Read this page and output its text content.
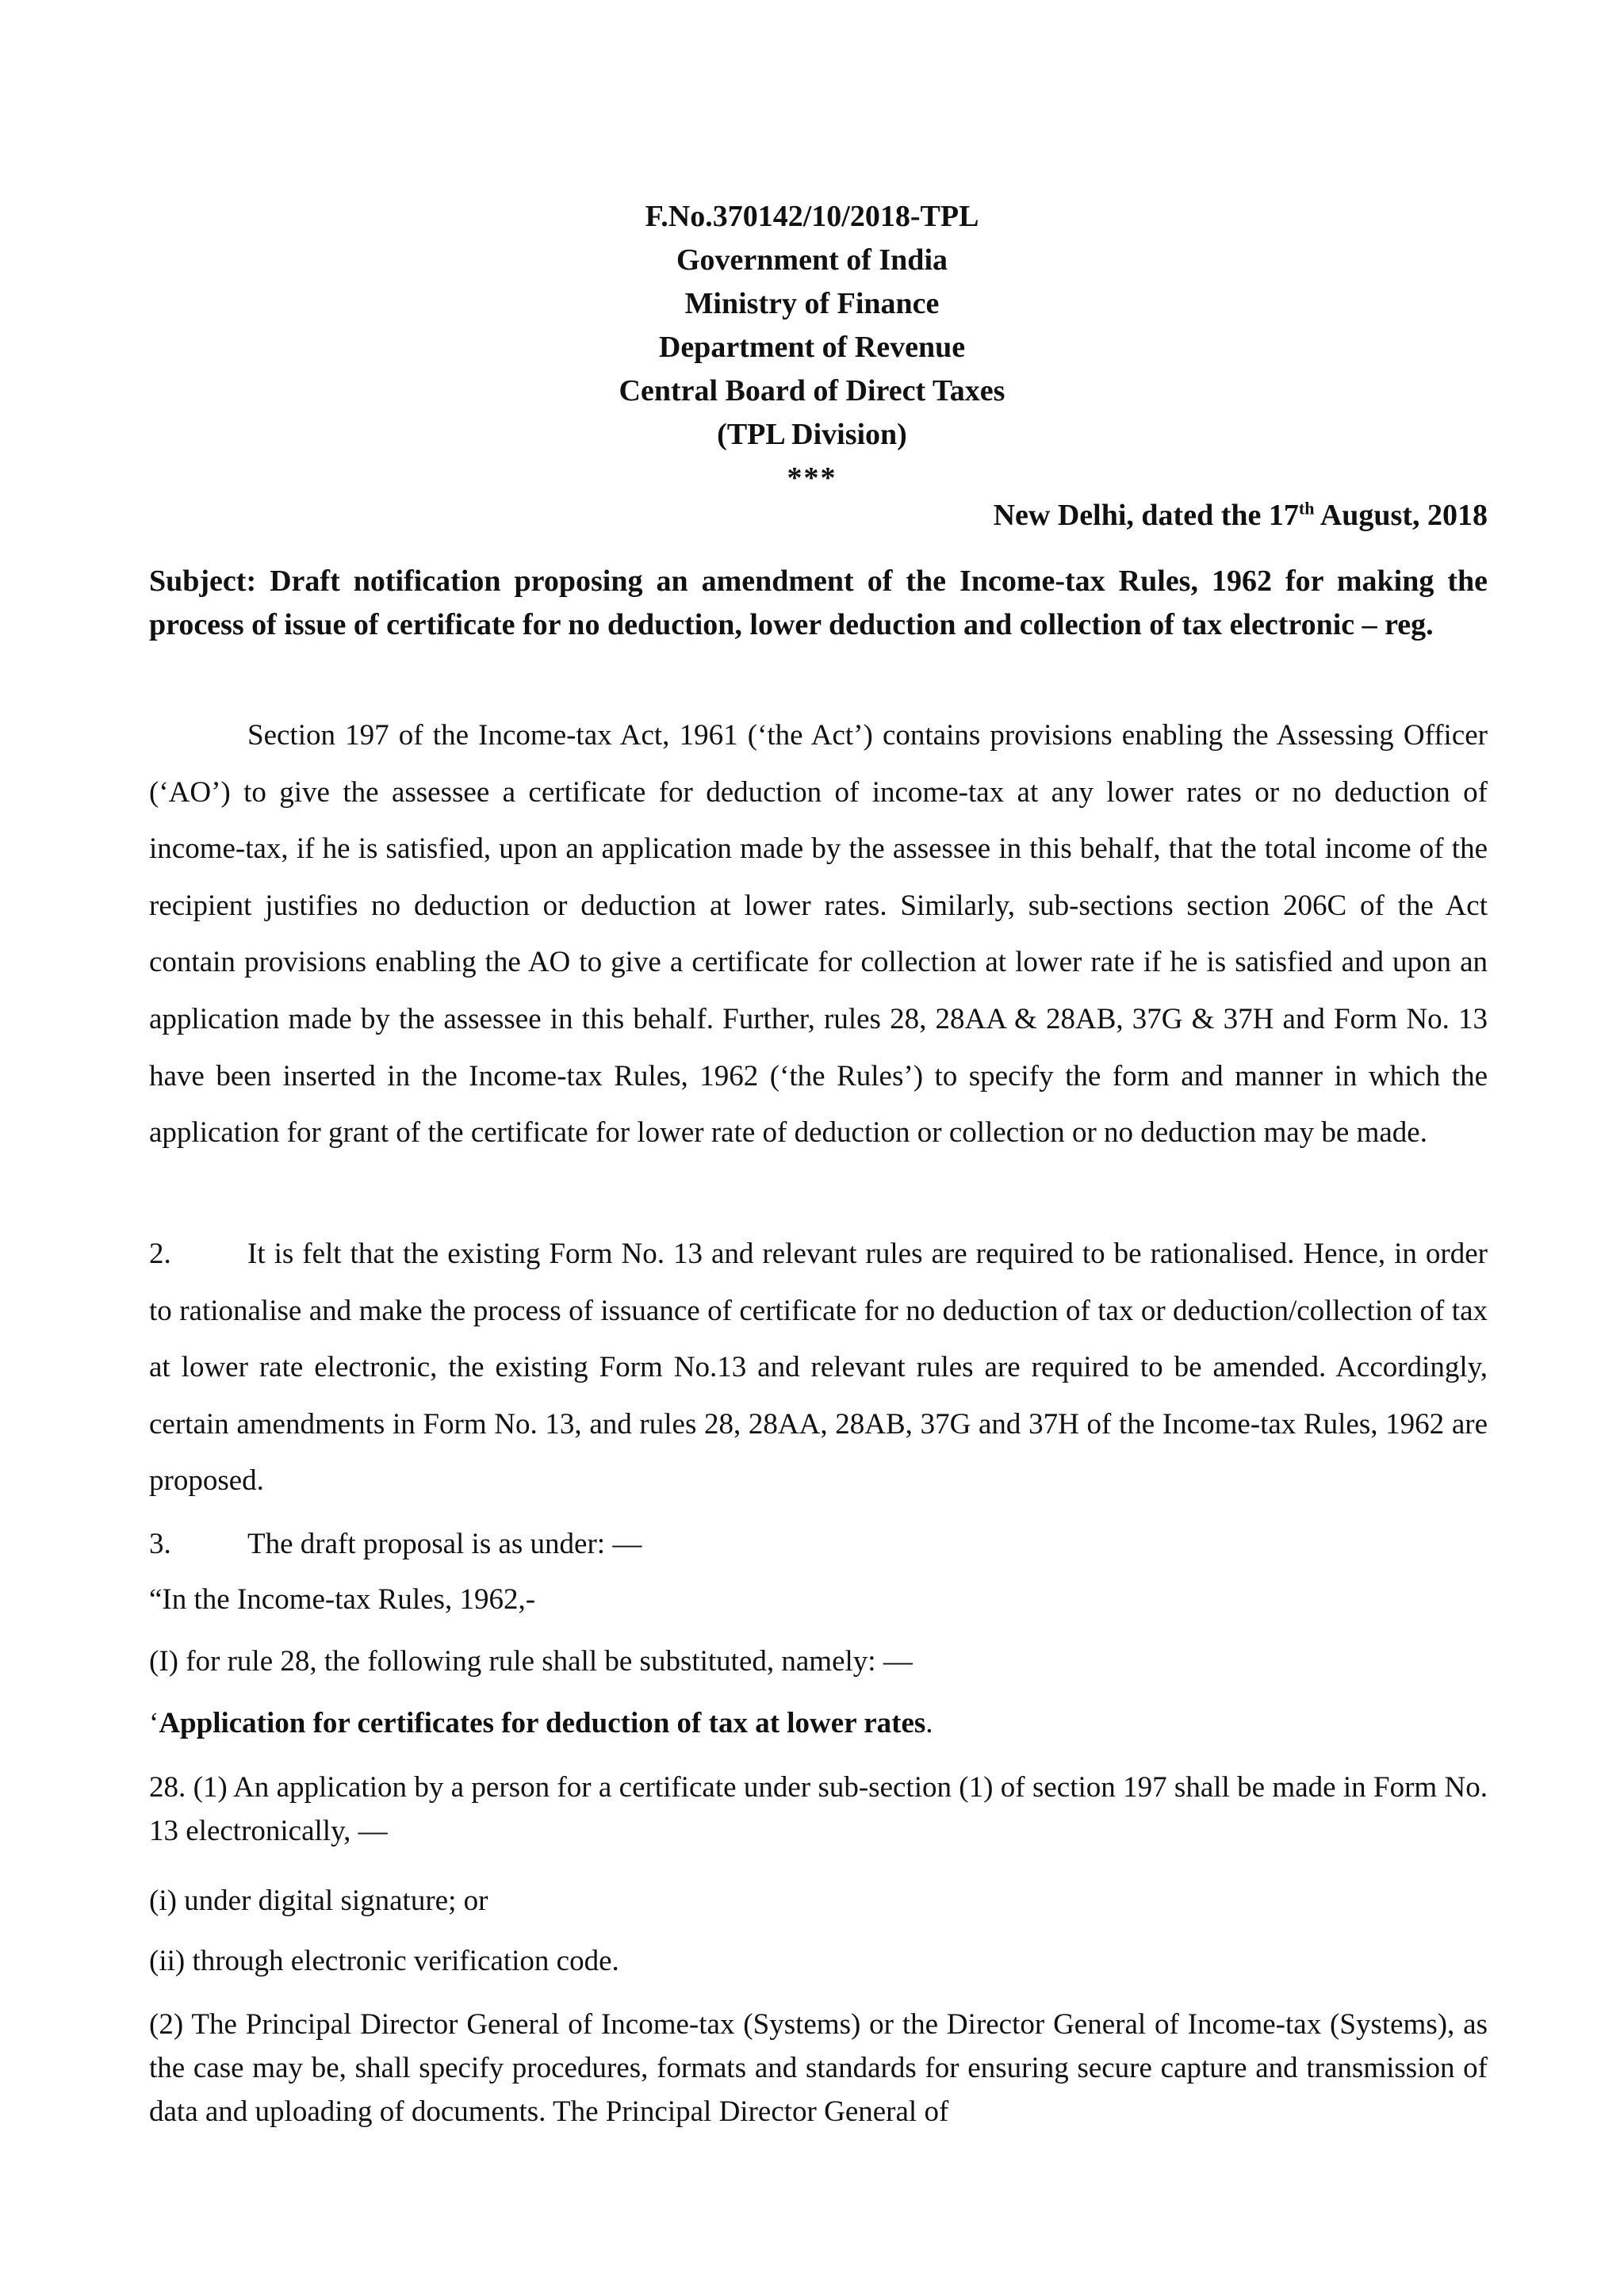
F.No.370142/10/2018-TPL
Government of India
Ministry of Finance
Department of Revenue
Central Board of Direct Taxes
(TPL Division)
***
New Delhi, dated the 17th August, 2018
Subject: Draft notification proposing an amendment of the Income-tax Rules, 1962 for making the process of issue of certificate for no deduction, lower deduction and collection of tax electronic – reg.
Section 197 of the Income-tax Act, 1961 (‘the Act’) contains provisions enabling the Assessing Officer (‘AO’) to give the assessee a certificate for deduction of income-tax at any lower rates or no deduction of income-tax, if he is satisfied, upon an application made by the assessee in this behalf, that the total income of the recipient justifies no deduction or deduction at lower rates. Similarly, sub-sections section 206C of the Act contain provisions enabling the AO to give a certificate for collection at lower rate if he is satisfied and upon an application made by the assessee in this behalf. Further, rules 28, 28AA & 28AB, 37G & 37H and Form No. 13 have been inserted in the Income-tax Rules, 1962 (‘the Rules’) to specify the form and manner in which the application for grant of the certificate for lower rate of deduction or collection or no deduction may be made.
2.	It is felt that the existing Form No. 13 and relevant rules are required to be rationalised. Hence, in order to rationalise and make the process of issuance of certificate for no deduction of tax or deduction/collection of tax at lower rate electronic, the existing Form No.13 and relevant rules are required to be amended. Accordingly, certain amendments in Form No. 13, and rules 28, 28AA, 28AB, 37G and 37H of the Income-tax Rules, 1962 are proposed.
3.	The draft proposal is as under: ―
“In the Income-tax Rules, 1962,-
(I) for rule 28, the following rule shall be substituted, namely: ―
‘Application for certificates for deduction of tax at lower rates.
28. (1) An application by a person for a certificate under sub-section (1) of section 197 shall be made in Form No. 13 electronically, ―
(i) under digital signature; or
(ii) through electronic verification code.
(2) The Principal Director General of Income-tax (Systems) or the Director General of Income-tax (Systems), as the case may be, shall specify procedures, formats and standards for ensuring secure capture and transmission of data and uploading of documents. The Principal Director General of
